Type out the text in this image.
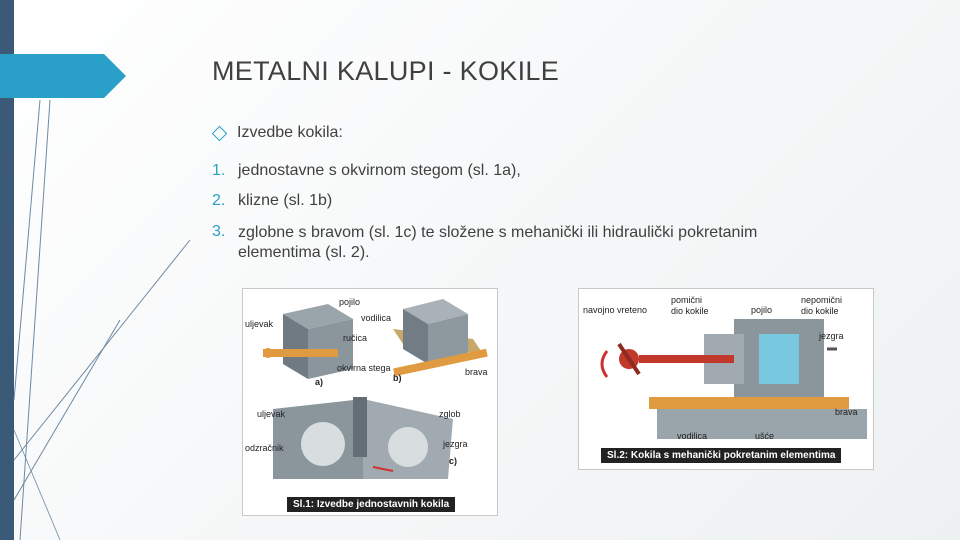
METALNI KALUPI - KOKILE
Izvedbe kokila:
1. jednostavne s okvirnom stegom (sl. 1a),
2. klizne (sl. 1b)
3. zglobne s bravom (sl. 1c) te složene s mehanički ili hidraulički pokretanim
elementima (sl. 2).
uljevak
pojilo
vodilica
ručica
okvirna stega	brava
a)	b)
uljevak	zglob
odzračnik	jezgra
c)
Sl.1: Izvedbe jednostavnih kokila
navojno vreteno
pomični
dio kokile	pojilo
nepomični
dio kokile
jezgra
brava
vodilica	ušće
Sl.2: Kokila s mehanički pokretanim elementima
